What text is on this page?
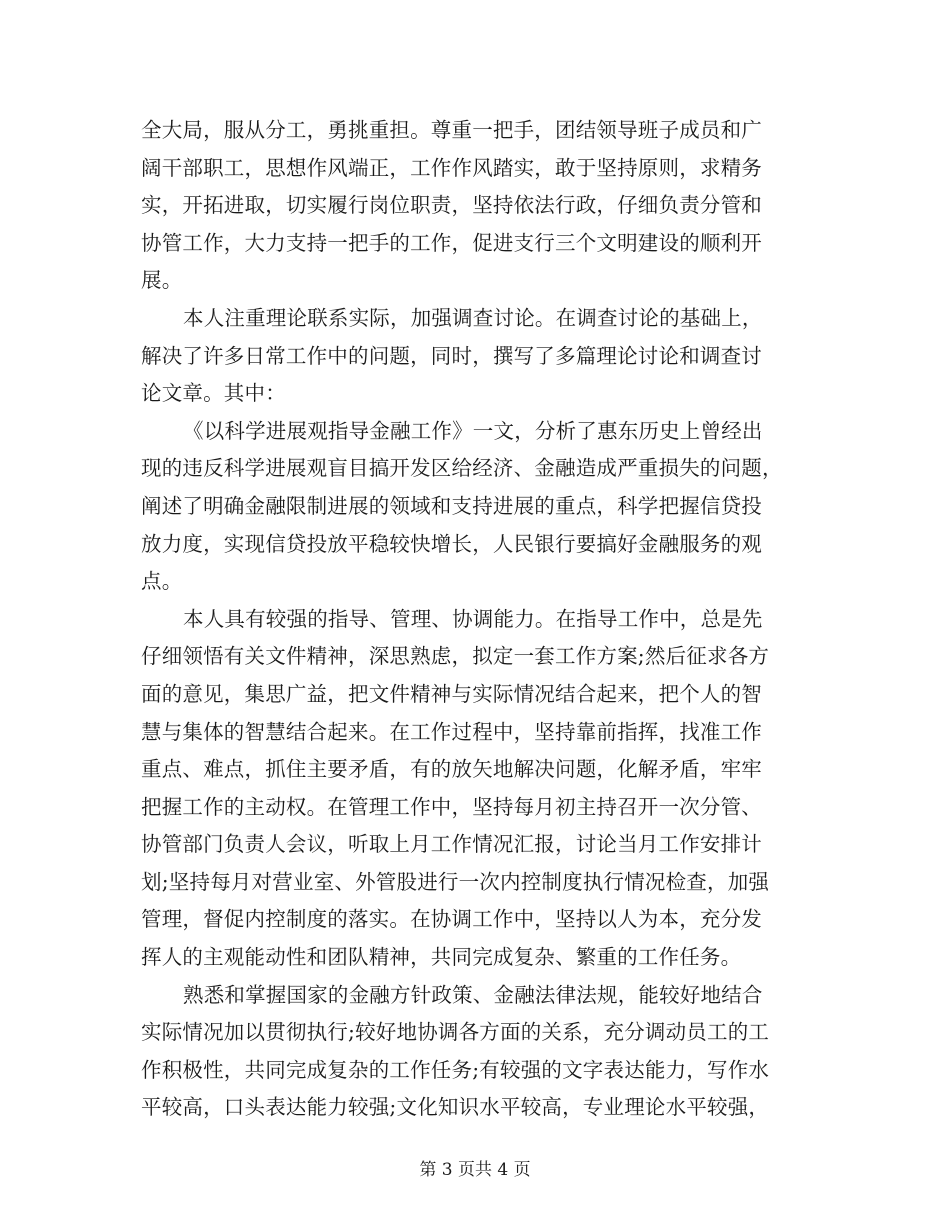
全大局，服从分工，勇挑重担。尊重一把手，团结领导班子成员和广
阔干部职工，思想作风端正，工作作风踏实，敢于坚持原则，求精务
实，开拓进取，切实履行岗位职责，坚持依法行政，仔细负责分管和
协管工作，大力支持一把手的工作，促进支行三个文明建设的顺利开
展。
本人注重理论联系实际，加强调查讨论。在调查讨论的基础上，
解决了许多日常工作中的问题，同时，撰写了多篇理论讨论和调查讨
论文章。其中：
《以科学进展观指导金融工作》一文，分析了惠东历史上曾经出
现的违反科学进展观盲目搞开发区给经济、金融造成严重损失的问题，
阐述了明确金融限制进展的领域和支持进展的重点，科学把握信贷投
放力度，实现信贷投放平稳较快增长，人民银行要搞好金融服务的观
点。
本人具有较强的指导、管理、协调能力。在指导工作中，总是先
仔细领悟有关文件精神，深思熟虑，拟定一套工作方案;然后征求各方
面的意见，集思广益，把文件精神与实际情况结合起来，把个人的智
慧与集体的智慧结合起来。在工作过程中，坚持靠前指挥，找准工作
重点、难点，抓住主要矛盾，有的放矢地解决问题，化解矛盾，牢牢
把握工作的主动权。在管理工作中，坚持每月初主持召开一次分管、
协管部门负责人会议，听取上月工作情况汇报，讨论当月工作安排计
划;坚持每月对营业室、外管股进行一次内控制度执行情况检查，加强
管理，督促内控制度的落实。在协调工作中，坚持以人为本，充分发
挥人的主观能动性和团队精神，共同完成复杂、繁重的工作任务。
熟悉和掌握国家的金融方针政策、金融法律法规，能较好地结合
实际情况加以贯彻执行;较好地协调各方面的关系，充分调动员工的工
作积极性，共同完成复杂的工作任务;有较强的文字表达能力，写作水
平较高，口头表达能力较强;文化知识水平较高，专业理论水平较强，

第 3 页共 4 页
